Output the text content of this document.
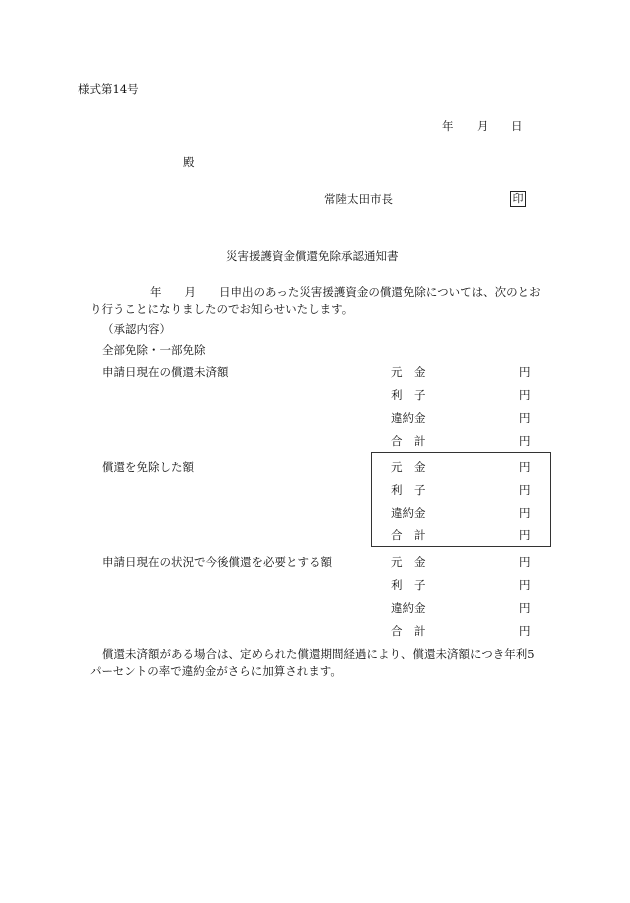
様式第14号
年 月 日
殿
常陸太田市長	印
災害援護資金償還免除承認通知書
年　　月　　日申出のあった災害援護資金の償還免除については、次のとお
り行うことになりましたのでお知らせいたします。
（承認内容）
全部免除・一部免除
申請日現在の償還未済額	元　金	円
利　子	円
違約金	円
合　計	円
償還を免除した額	元　金	円
利　子	円
違約金	円
合　計	円
申請日現在の状況で今後償還を必要とする額	元　金	円
利　子	円
違約金	円
合　計	円
償還未済額がある場合は、定められた償還期間経過により、償還未済額につき年利5
パーセントの率で違約金がさらに加算されます。
